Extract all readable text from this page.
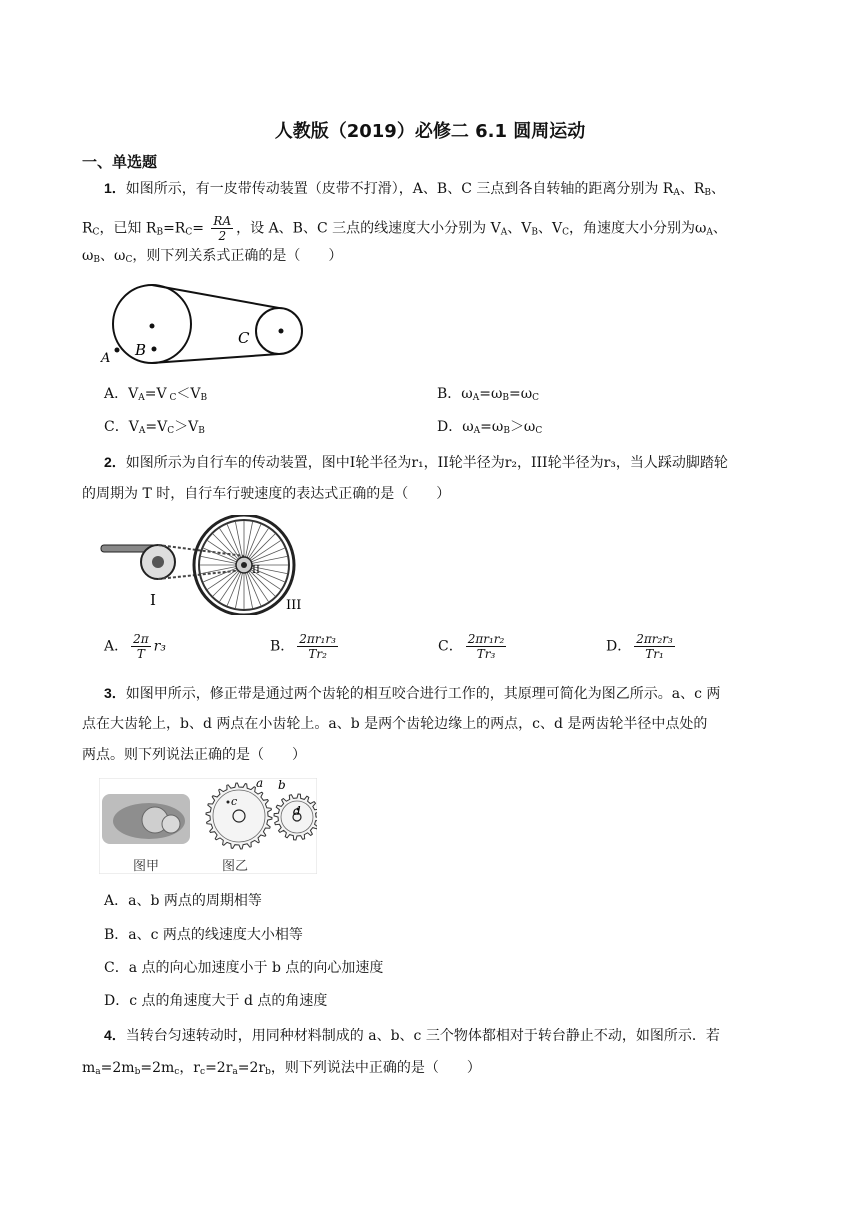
人教版（2019）必修二 6.1 圆周运动
一、单选题
1．如图所示，有一皮带传动装置（皮带不打滑），A、B、C 三点到各自转轴的距离分别为 $R_A$、$R_B$、
$R_C$，已知 $R_B=R_C= \frac{RA}{2}$ ，设 A、B、C 三点的线速度大小分别为 $V_A$、$V_B$、$V_C$，角速度大小分别为$\omega_A$、
$\omega_B$、$\omega_C$，则下列关系式正确的是（　　）
A B
C
A．$V_A=V$ $_C<V_B$	B．$\omega_A=\omega_B=\omega_C$
C．$V_A=V_C>V_B$	D．$\omega_A=\omega_B>\omega_C$
2．如图所示为自行车的传动装置，图中I轮半径为r₁，II轮半径为r₂，III轮半径为r₃，当人踩动脚踏轮
的周期为 T 时，自行车行驶速度的表达式正确的是（　　）
I
II
III
A． $\frac{2\pi}{T} r_3$	B． $\frac{\text{2πr₁r₃}}{\text{Tr₂}}$	C． $\frac{\text{2πr₁r₂}}{\text{Tr₃}}$	D． $\frac{\text{2πr₂r₃}}{\text{Tr₁}}$
3．如图甲所示，修正带是通过两个齿轮的相互咬合进行工作的，其原理可简化为图乙所示。a、c 两
点在大齿轮上，b、d 两点在小齿轮上。a、b 是两个齿轮边缘上的两点，c、d 是两齿轮半径中点处的
两点。则下列说法正确的是（　　）
a b
c
d
图甲	图乙
A．a、b 两点的周期相等
B．a、c 两点的线速度大小相等
C．a 点的向心加速度小于 b 点的向心加速度
D．c 点的角速度大于 d 点的角速度
4．当转台匀速转动时，用同种材料制成的 a、b、c 三个物体都相对于转台静止不动，如图所示．若
$m_a=2m_b=2m_c$，$r_c=2r_a=2r_b$，则下列说法中正确的是（　　）
